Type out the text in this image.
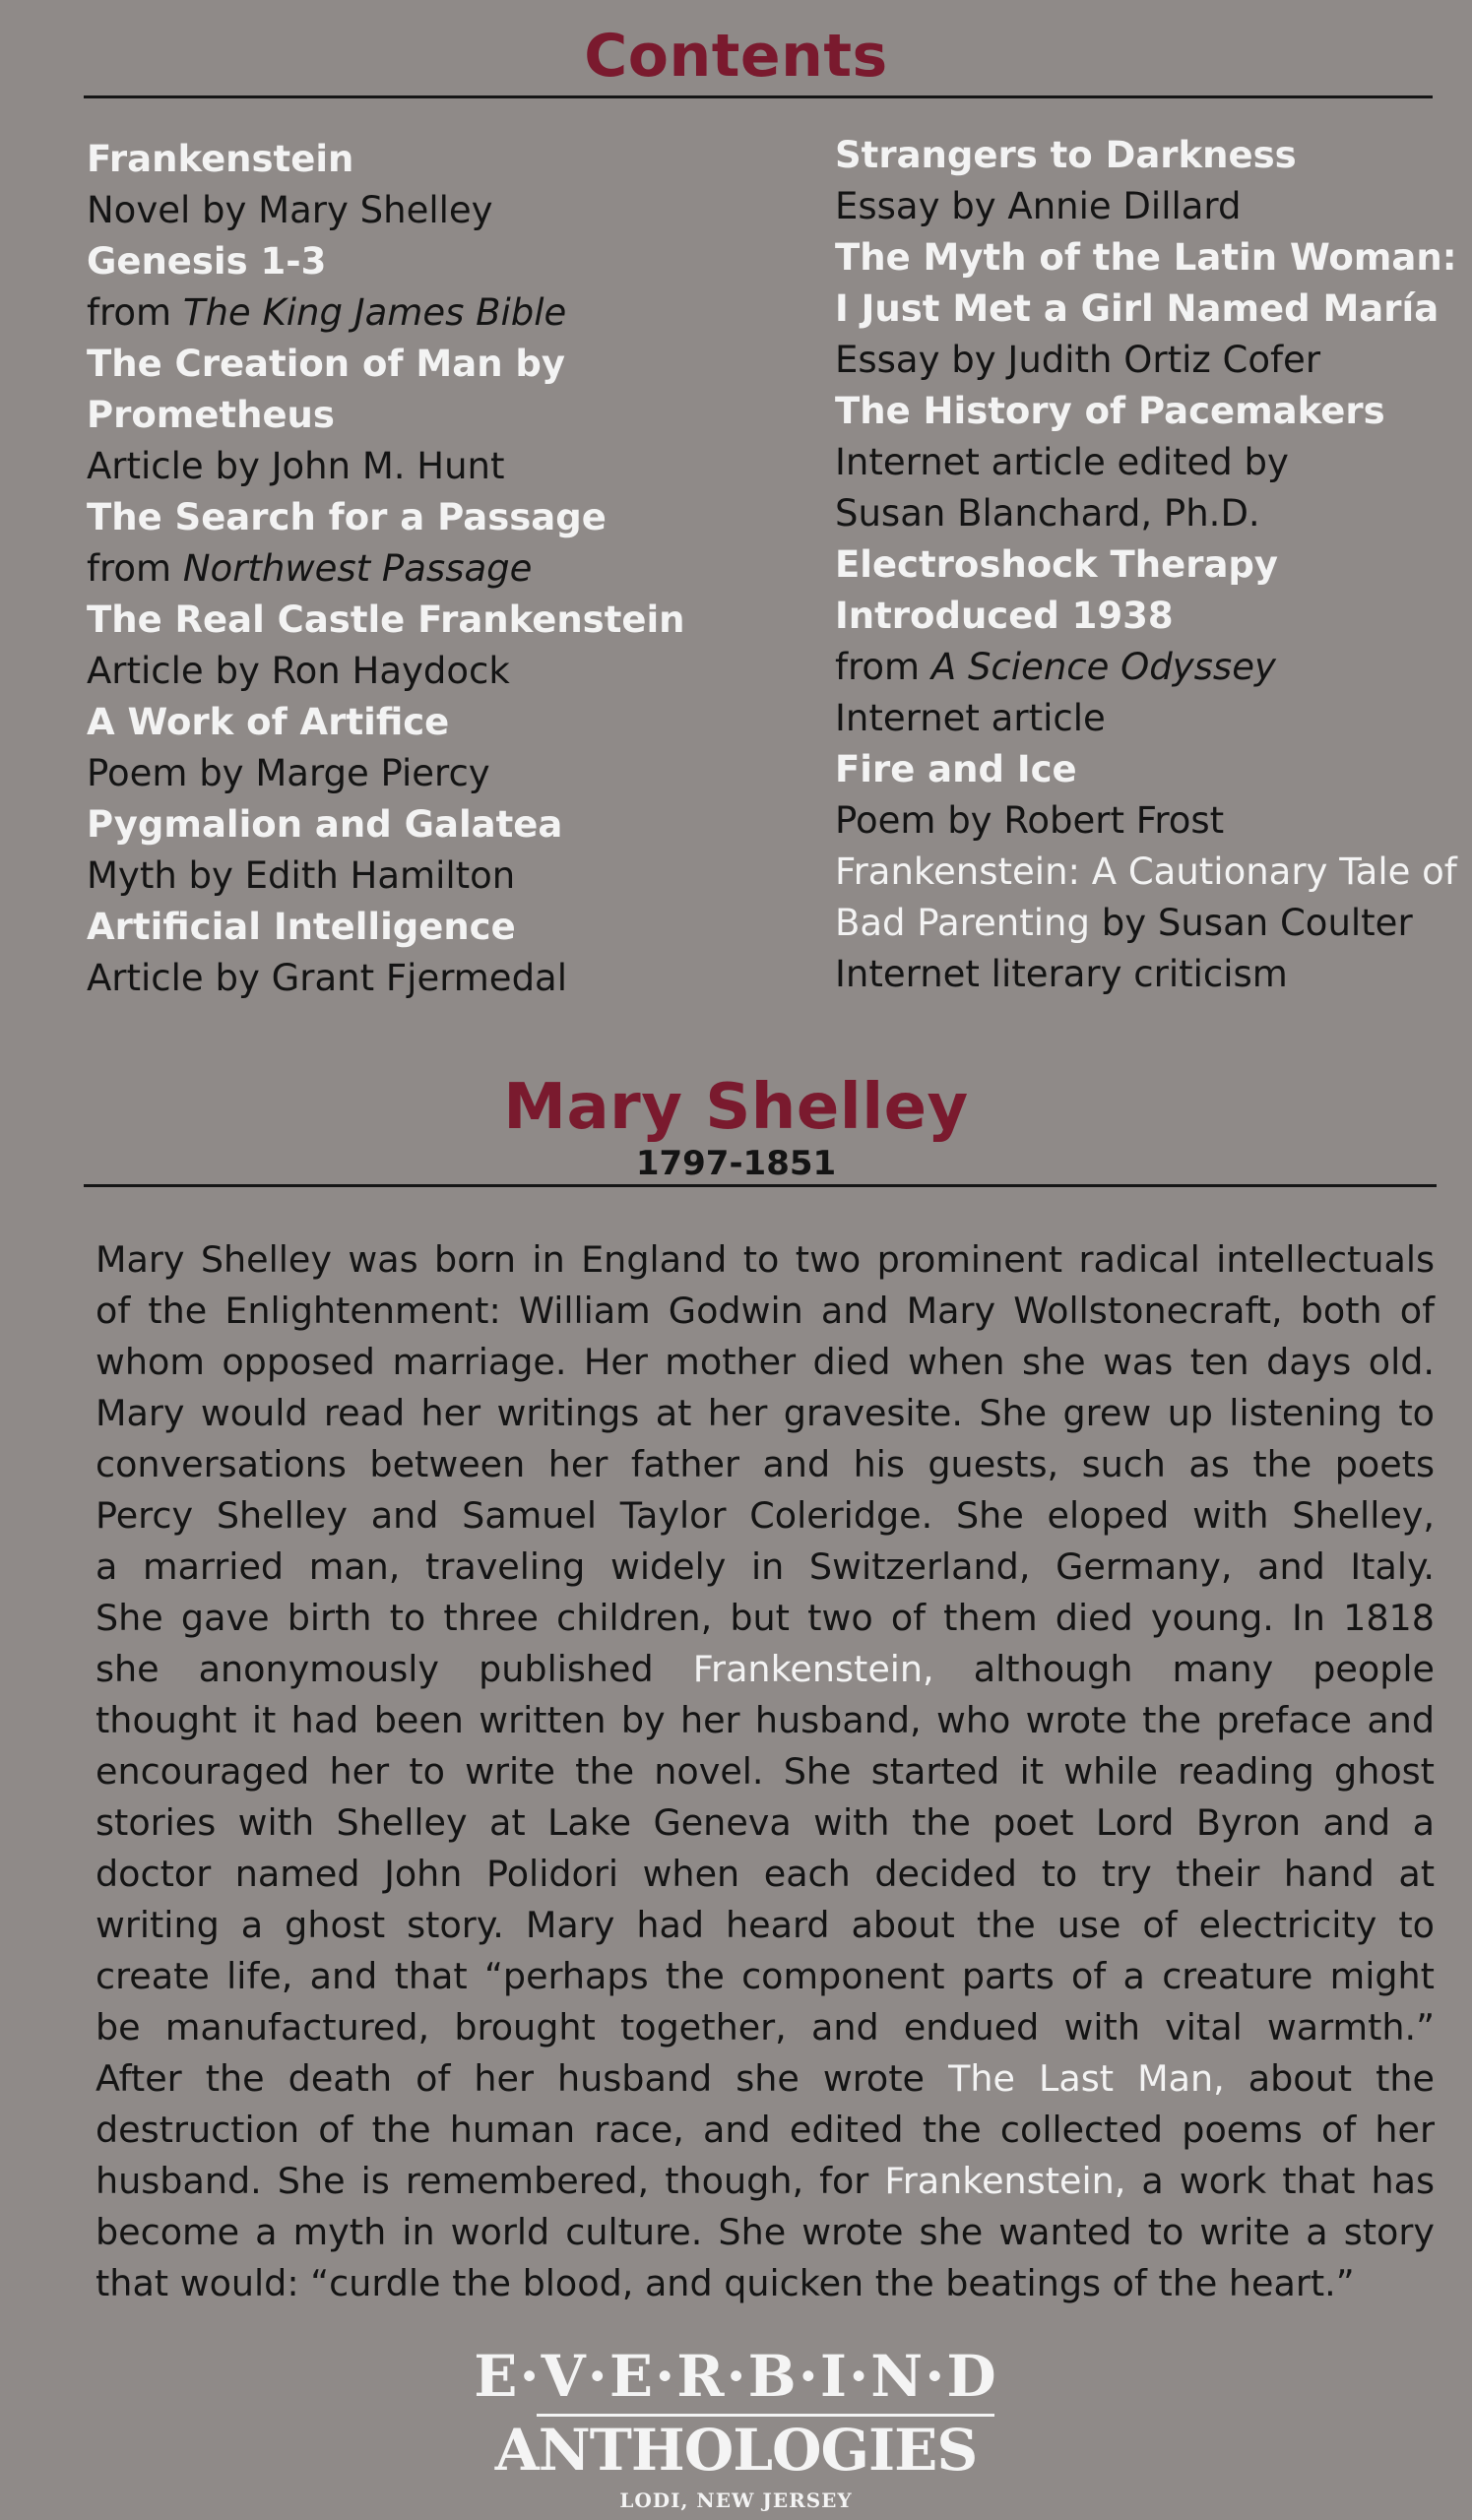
Contents
Frankenstein
Novel by Mary Shelley
Genesis 1-3
from The King James Bible
The Creation of Man by
Prometheus
Article by John M. Hunt
The Search for a Passage
from Northwest Passage
The Real Castle Frankenstein
Article by Ron Haydock
A Work of Artifice
Poem by Marge Piercy
Pygmalion and Galatea
Myth by Edith Hamilton
Artificial Intelligence
Article by Grant Fjermedal
Strangers to Darkness
Essay by Annie Dillard
The Myth of the Latin Woman:
I Just Met a Girl Named María
Essay by Judith Ortiz Cofer
The History of Pacemakers
Internet article edited by
Susan Blanchard, Ph.D.
Electroshock Therapy
Introduced 1938
from A Science Odyssey
Internet article
Fire and Ice
Poem by Robert Frost
Frankenstein: A Cautionary Tale of
Bad Parenting by Susan Coulter
Internet literary criticism
Mary Shelley
1797-1851
Mary Shelley was born in England to two prominent radical intellectuals
of the Enlightenment: William Godwin and Mary Wollstonecraft, both of
whom opposed marriage. Her mother died when she was ten days old.
Mary would read her writings at her gravesite. She grew up listening to
conversations between her father and his guests, such as the poets
Percy Shelley and Samuel Taylor Coleridge. She eloped with Shelley,
a married man, traveling widely in Switzerland, Germany, and Italy.
She gave birth to three children, but two of them died young. In 1818
she anonymously published Frankenstein, although many people
thought it had been written by her husband, who wrote the preface and
encouraged her to write the novel. She started it while reading ghost
stories with Shelley at Lake Geneva with the poet Lord Byron and a
doctor named John Polidori when each decided to try their hand at
writing a ghost story. Mary had heard about the use of electricity to
create life, and that “perhaps the component parts of a creature might
be manufactured, brought together, and endued with vital warmth.”
After the death of her husband she wrote The Last Man, about the
destruction of the human race, and edited the collected poems of her
husband. She is remembered, though, for Frankenstein, a work that has
become a myth in world culture. She wrote she wanted to write a story
that would: “curdle the blood, and quicken the beatings of the heart.”
E·V·E·R·B·I·N·D
ANTHOLOGIES
LODI, NEW JERSEY
